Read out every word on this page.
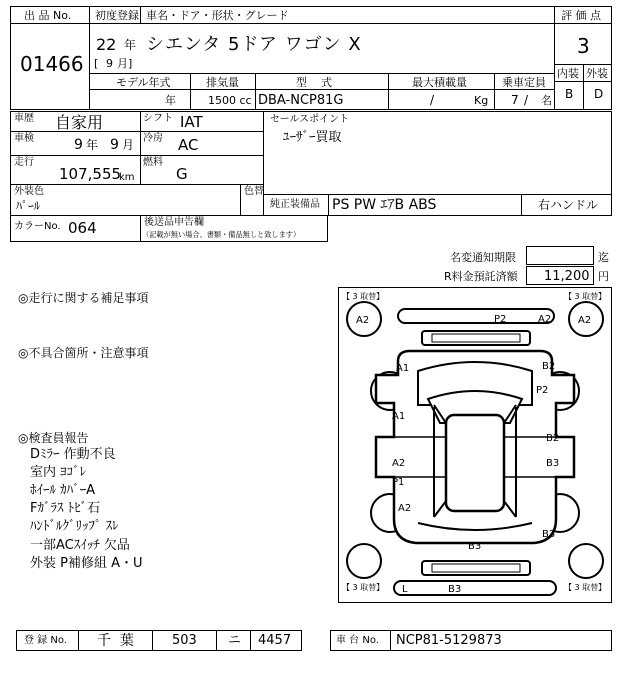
出 品 No.
01466
初度登録 車名・ドア・形状・グレード
22 年
[ 9 月]
シエンタ 5ドア ワゴン X
評 価 点
3
内装 外装
B D
モデル年式	排気量	型    式	最大積載量	乗車定員
年	1500 cc DBA-NCP81G	/	Kg 7 / 名
車歴 自家用	シフト IAT
車検	9 年 9 月 冷房 AC
走行
107,555
km
燃料
G
セールスポイント
ﾕｰｻﾞｰ買取
外装色
ﾊﾟｰﾙ
色替
純正装備品 PS PW ｴｱB ABS	右ハンドル
カラーNo. 064	後送品申告欄
（記載が無い場合、書類・備品無しと致します）
名変通知期限	迄
R料金預託済額 11,200 円
◎走行に関する補足事項
◎不具合箇所・注意事項
◎検査員報告
Dﾐﾗｰ 作動不良
室内 ﾖｺﾞﾚ
ﾎｲｰﾙ ｶﾊﾞｰA
Fｶﾞﾗｽ ﾄﾋﾞ石
ﾊﾝﾄﾞﾙｸﾞﾘｯﾌﾟ ｽﾚ
一部ACｽｲｯﾁ 欠品
外装 P補修組 A・U
【 3 取替】	【 3 取替】
【 3 取替】	【 3 取替】
A2	P2	A2	A2
A1	B2
P2
A1
B2
A2	B3
P1
A2
B3
B3
L	B3
登 録 No. 千  葉	503 ニ 4457	車 台 No. NCP81-5129873
